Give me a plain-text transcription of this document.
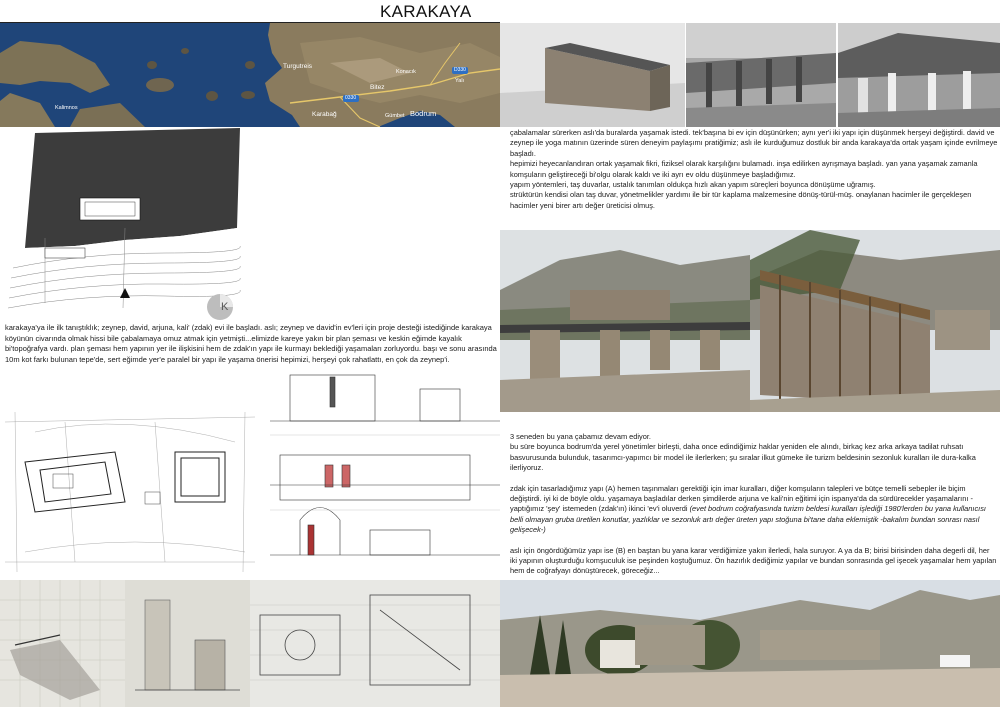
KARAKAYA
Bitez
Bodrum
Gümbet
Turgutreis
Karabağ
Konacık
Yalı
Kalimnos
D330
0330
K
karakaya'ya ile ilk tanıştıklık; zeynep, david, arjuna, kali' (zdak) evi ile başladı. aslı; zeynep ve david'in ev'leri için proje desteği istediğinde karakaya köyünün civarında olmak hissi bile çabalamaya omuz atmak için yetmişti...elimizde kareye yakın bir plan şeması ve keskin eğimde kayalık bi'topoğrafya vardı. plan şeması hem yapının yer ile ilişkisini hem de zdak'ın yapı ile kurmayı beklediği yaşamaları zorluyordu. başı ve sonu arasında 10m kot farkı bulunan tepe'de, sert eğimde yer'e paralel bir yapı ile yaşama önerisi hepimizi, herşeyi çok rahatlattı, en çok da zeynep'i.

çabalamalar sürerken aslı'da buralarda yaşamak istedi. tek'başına bi ev için düşünürken; aynı yer'i iki yapı için düşünmek herşeyi değiştirdi. david ve zeynep ile yoga matının üzerinde süren deneyim paylaşımı pratiğimiz; aslı ile kurduğumuz dostluk bir anda karakaya'da ortak yaşam içinde evrilmeye başladı.

hepimizi heyecanlandıran ortak yaşamak fikri, fiziksel olarak karşılığını bulamadı. inşa edilirken ayrışmaya başladı. yan yana yaşamak zamanla komşuların geliştireceği bi'olgu olarak kaldı ve iki ayrı ev oldu düşünmeye başladığımız.

yapım yöntemleri, taş duvarlar, ustalık tanımları oldukça hızlı akan yapım süreçleri boyunca dönüşüme uğramış.

strüktürün kendisi olan taş duvar, yönetmelikler yardımı ile bir tür kaplama malzemesine dönüş-türül-müş. onaylanan hacimler ile gerçekleşen hacimler yeni birer artı değer üreticisi olmuş.

3 seneden bu yana çabamız devam ediyor.

bu süre boyunca bodrum'da yerel yönetimler birleşti, daha once edindiğimiz haklar yeniden ele alındı, birkaç kez arka arkaya tadilat ruhsatı basvurusunda bulunduk, tasarımcı-yapımcı bir model ile ilerlerken; şu sıralar ilkut gümeke ile turizm beldesinin sezonluk kuralları ile dura-kalka ilerliyoruz.

zdak için tasarladığımız yapı (A) hemen taşınmaları gerektiği için imar kuralları, diğer komşuların talepleri ve bütçe temelli sebepler ile biçim değiştirdi. iyi ki de böyle oldu. yaşamaya başladılar derken şimdilerde arjuna ve kali'nin eğitimi için ispanya'da da sürdürecekler yaşamalarını - yaptığımız 'şey' istemeden (zdak'ın) ikinci 'ev'i oluverdi (evet bodrum coğrafyasında turizm beldesi kuralları işlediği 1980'lerden bu yana kullanıcısı belli olmayan gruba üretilen konutlar, yazlıklar ve sezonluk artı değer üreten yapı stoğuna bi'tane daha eklemiştik -bakalım bundan sonrası nasıl gelişecek-)

aslı için öngördüğümüz yapı ise (B) en baştan bu yana karar verdiğimize yakın ilerledi, hala suruyor. A ya da B; birisi birisinden daha degerli dil, her iki yapının oluşturduğu komşuculuk ise peşinden koştuğumuz. Ön hazırlık dediğimiz yapılar ve bundan sonrasında gel işecek yaşamalar hem yapılan hem de coğrafyayı dönüştürecek, göreceğiz...
